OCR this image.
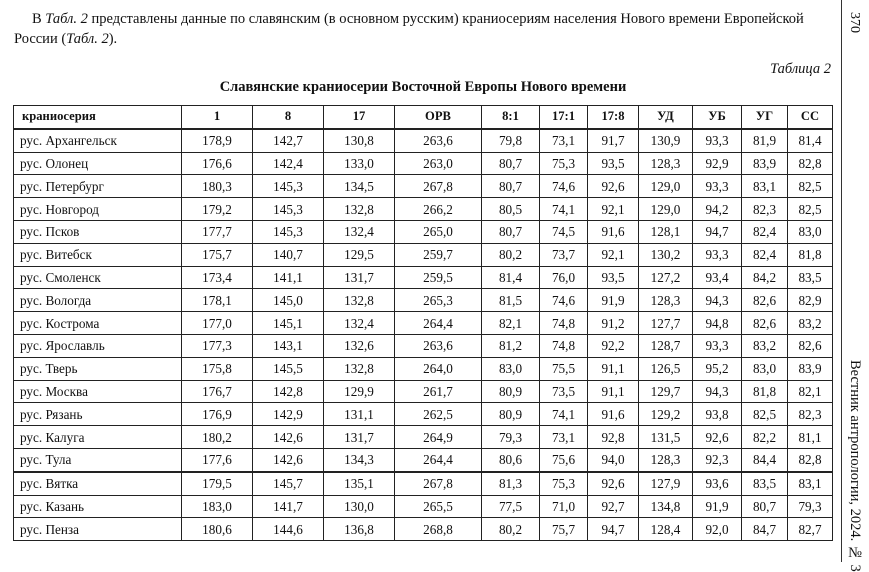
В Табл. 2 представлены данные по славянским (в основном русским) краниосериям населения Нового времени Европейской России (Табл. 2).
Таблица 2
Славянские краниосерии Восточной Европы Нового времени
краниосерия	1	8	17	ОРВ	8:1	17:1	17:8	УД	УБ	УГ	СС
рус. Архангельск	178,9	142,7	130,8	263,6	79,8	73,1	91,7	130,9	93,3	81,9	81,4
рус. Олонец	176,6	142,4	133,0	263,0	80,7	75,3	93,5	128,3	92,9	83,9	82,8
рус. Петербург	180,3	145,3	134,5	267,8	80,7	74,6	92,6	129,0	93,3	83,1	82,5
рус. Новгород	179,2	145,3	132,8	266,2	80,5	74,1	92,1	129,0	94,2	82,3	82,5
рус. Псков	177,7	145,3	132,4	265,0	80,7	74,5	91,6	128,1	94,7	82,4	83,0
рус. Витебск	175,7	140,7	129,5	259,7	80,2	73,7	92,1	130,2	93,3	82,4	81,8
рус. Смоленск	173,4	141,1	131,7	259,5	81,4	76,0	93,5	127,2	93,4	84,2	83,5
рус. Вологда	178,1	145,0	132,8	265,3	81,5	74,6	91,9	128,3	94,3	82,6	82,9
рус. Кострома	177,0	145,1	132,4	264,4	82,1	74,8	91,2	127,7	94,8	82,6	83,2
рус. Ярославль	177,3	143,1	132,6	263,6	81,2	74,8	92,2	128,7	93,3	83,2	82,6
рус. Тверь	175,8	145,5	132,8	264,0	83,0	75,5	91,1	126,5	95,2	83,0	83,9
рус. Москва	176,7	142,8	129,9	261,7	80,9	73,5	91,1	129,7	94,3	81,8	82,1
рус. Рязань	176,9	142,9	131,1	262,5	80,9	74,1	91,6	129,2	93,8	82,5	82,3
рус. Калуга	180,2	142,6	131,7	264,9	79,3	73,1	92,8	131,5	92,6	82,2	81,1
рус. Тула	177,6	142,6	134,3	264,4	80,6	75,6	94,0	128,3	92,3	84,4	82,8
рус. Вятка	179,5	145,7	135,1	267,8	81,3	75,3	92,6	127,9	93,6	83,5	83,1
рус. Казань	183,0	141,7	130,0	265,5	77,5	71,0	92,7	134,8	91,9	80,7	79,3
рус. Пенза	180,6	144,6	136,8	268,8	80,2	75,7	94,7	128,4	92,0	84,7	82,7
370
Вестник антропологии, 2024. № 3
